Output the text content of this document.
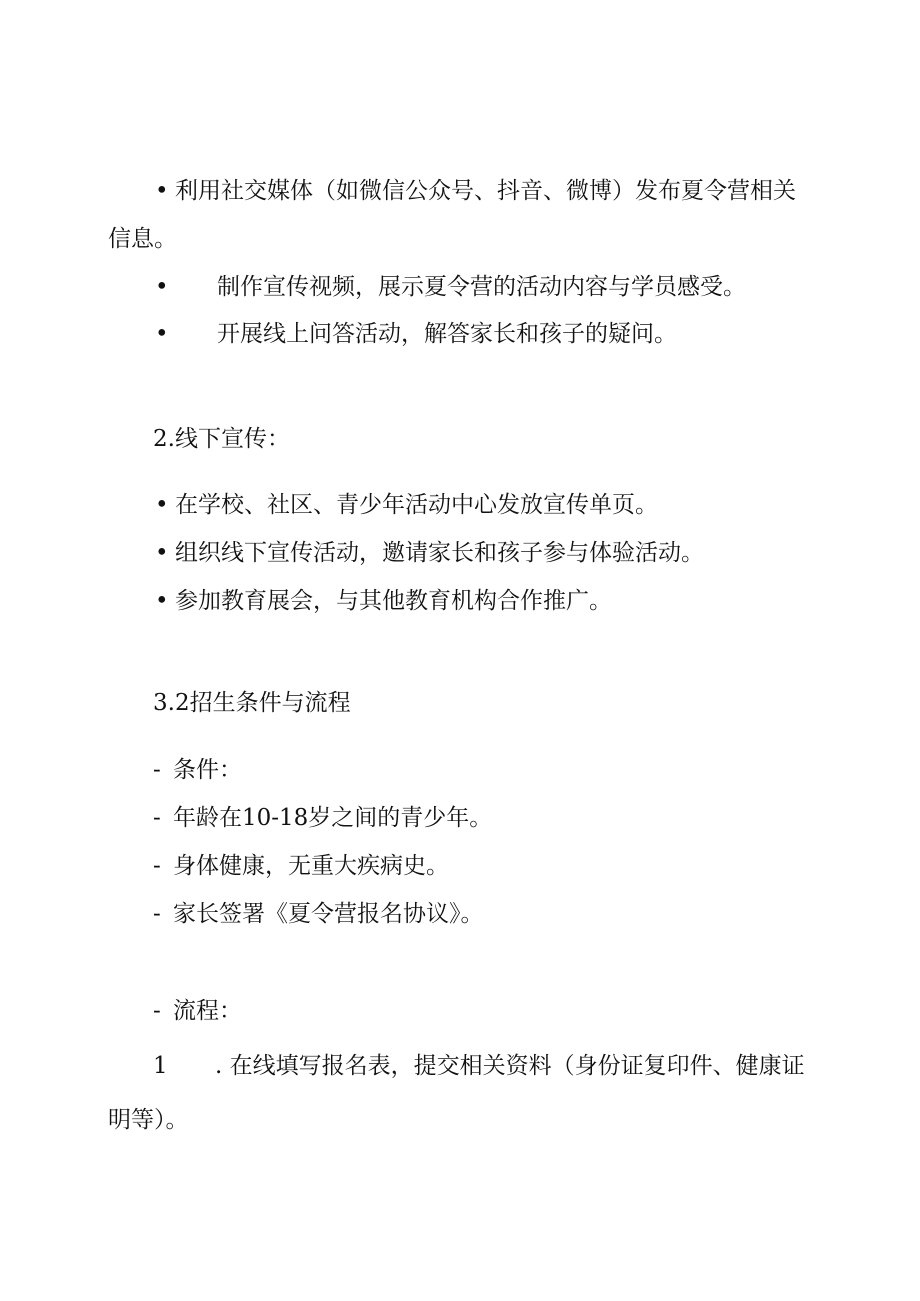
• 利用社交媒体（如微信公众号、抖音、微博）发布夏令营相关
信息。
• 制作宣传视频，展示夏令营的活动内容与学员感受。
• 开展线上问答活动，解答家长和孩子的疑问。
2.线下宣传：
• 在学校、社区、青少年活动中心发放宣传单页。
• 组织线下宣传活动，邀请家长和孩子参与体验活动。
• 参加教育展会，与其他教育机构合作推广。
3.2招生条件与流程
- 条件：
- 年龄在10-18岁之间的青少年。
- 身体健康，无重大疾病史。
- 家长签署《夏令营报名协议》。
- 流程：
1 . 在线填写报名表，提交相关资料（身份证复印件、健康证
明等）。
